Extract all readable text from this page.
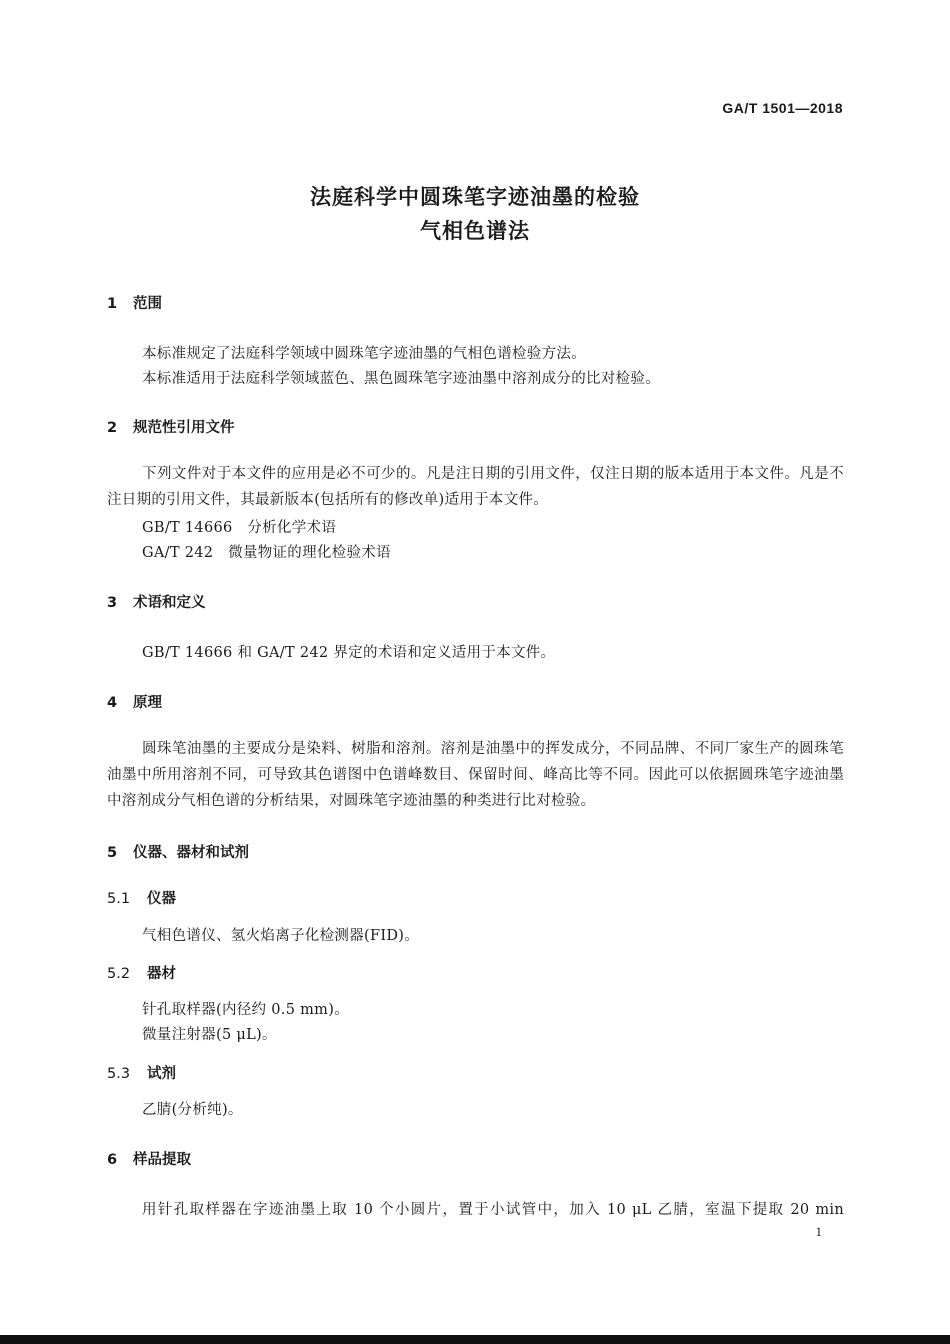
GA/T 1501—2018
法庭科学中圆珠笔字迹油墨的检验
气相色谱法
1 范围
本标准规定了法庭科学领域中圆珠笔字迹油墨的气相色谱检验方法。
本标准适用于法庭科学领域蓝色、黑色圆珠笔字迹油墨中溶剂成分的比对检验。
2 规范性引用文件
下列文件对于本文件的应用是必不可少的。凡是注日期的引用文件，仅注日期的版本适用于本文件。凡是不注日期的引用文件，其最新版本(包括所有的修改单)适用于本文件。
GB/T 14666　分析化学术语
GA/T 242　微量物证的理化检验术语
3 术语和定义
GB/T 14666 和 GA/T 242 界定的术语和定义适用于本文件。
4 原理
圆珠笔油墨的主要成分是染料、树脂和溶剂。溶剂是油墨中的挥发成分，不同品牌、不同厂家生产的圆珠笔油墨中所用溶剂不同，可导致其色谱图中色谱峰数目、保留时间、峰高比等不同。因此可以依据圆珠笔字迹油墨中溶剂成分气相色谱的分析结果，对圆珠笔字迹油墨的种类进行比对检验。
5 仪器、器材和试剂
5.1 仪器
气相色谱仪、氢火焰离子化检测器(FID)。
5.2 器材
针孔取样器(内径约 0.5 mm)。
微量注射器(5 μL)。
5.3 试剂
乙腈(分析纯)。
6 样品提取
用针孔取样器在字迹油墨上取 10 个小圆片，置于小试管中，加入 10 μL 乙腈，室温下提取 20 min
1
